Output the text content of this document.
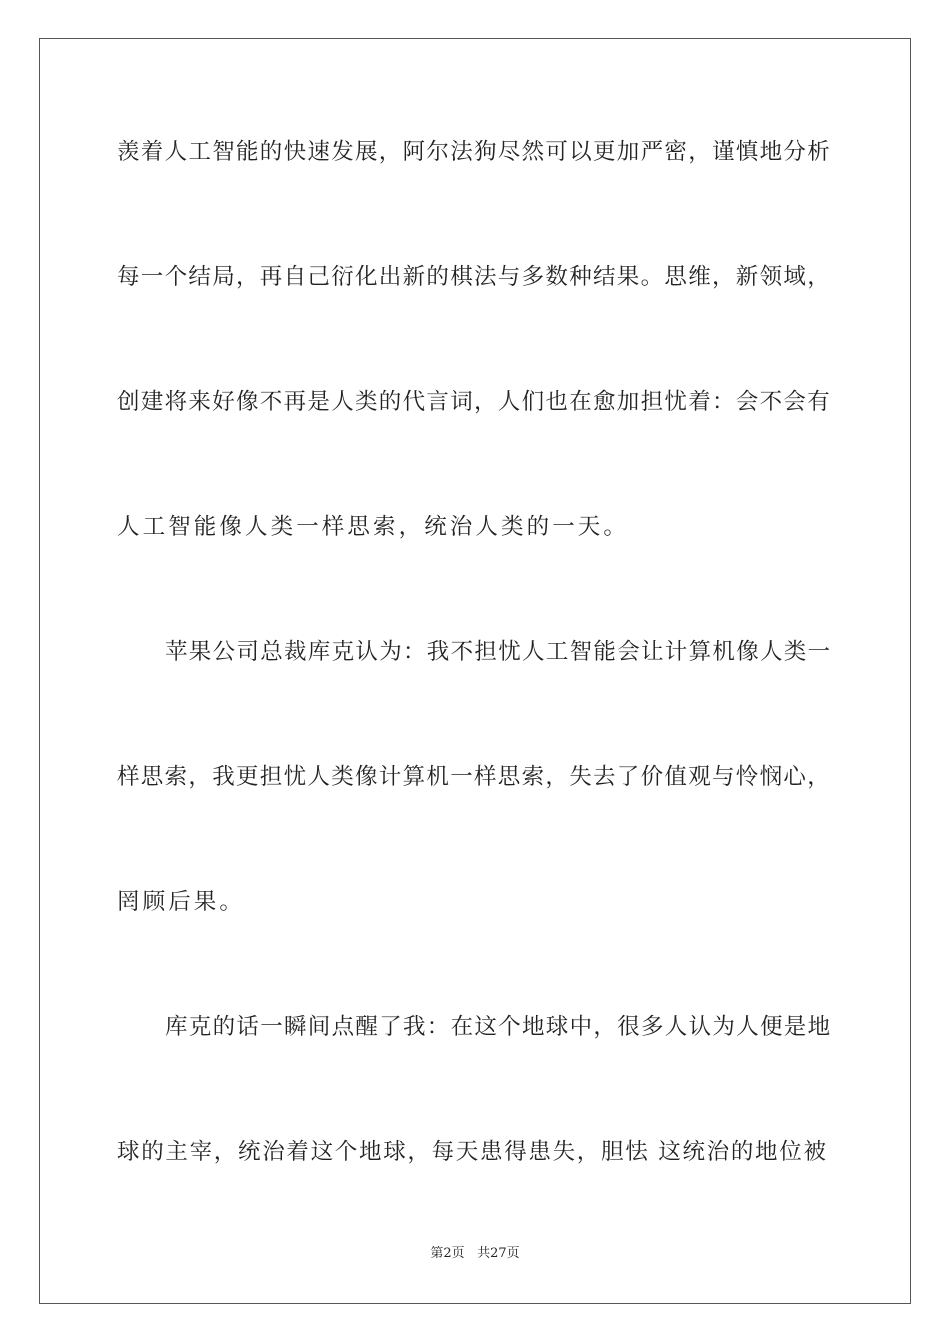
羡着人工智能的快速发展，阿尔法狗尽然可以更加严密，谨慎地分析
每一个结局，再自己衍化出新的棋法与多数种结果。思维，新领域，
创建将来好像不再是人类的代言词，人们也在愈加担忧着：会不会有
人工智能像人类一样思索，统治人类的一天。
苹果公司总裁库克认为：我不担忧人工智能会让计算机像人类一
样思索，我更担忧人类像计算机一样思索，失去了价值观与怜悯心，
罔顾后果。
库克的话一瞬间点醒了我：在这个地球中，很多人认为人便是地
球的主宰，统治着这个地球，每天患得患失，胆怯 这统治的地位被
第2页 共27页
